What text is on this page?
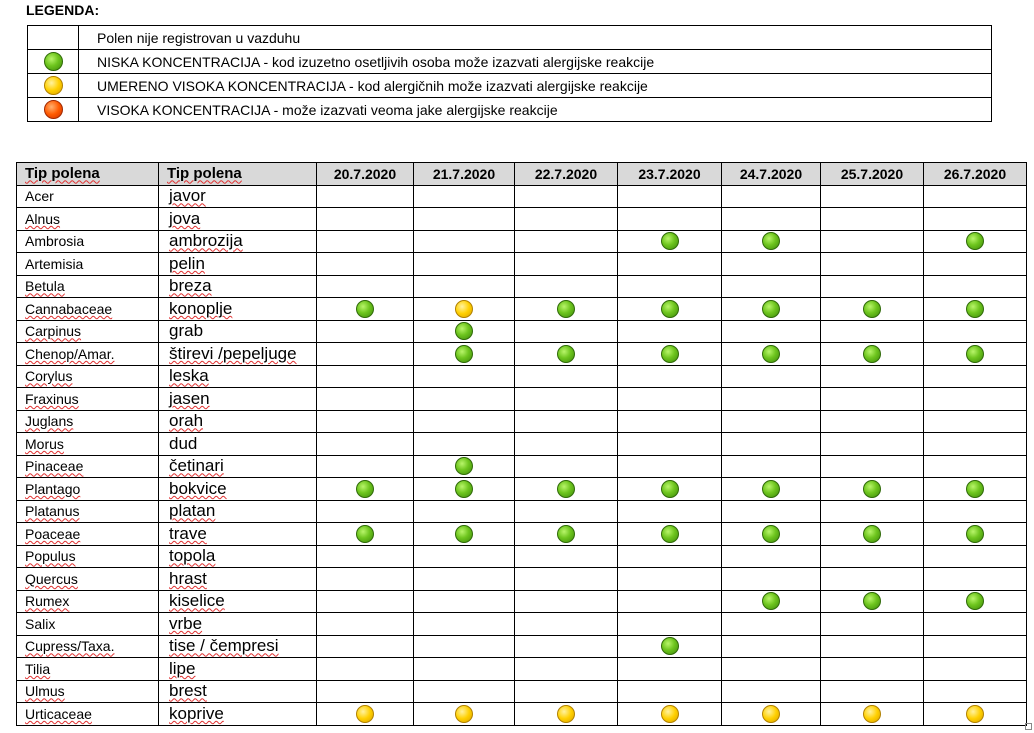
LEGENDA:
	Polen nije registrovan u vazduhu
	NISKA KONCENTRACIJA - kod izuzetno osetljivih osoba može izazvati alergijske reakcije
	UMERENO VISOKA KONCENTRACIJA - kod alergičnih može izazvati alergijske reakcije
	VISOKA KONCENTRACIJA - može izazvati veoma jake alergijske reakcije
Tip polena	Tip polena	20.7.2020	21.7.2020	22.7.2020	23.7.2020	24.7.2020	25.7.2020	26.7.2020
Acer	javor							
Alnus	jova							
Ambrosia	ambrozija							
Artemisia	pelin							
Betula	breza							
Cannabaceae	konoplje							
Carpinus	grab							
Chenop/Amar.	štirevi /pepeljuge							
Corylus	leska							
Fraxinus	jasen							
Juglans	orah							
Morus	dud							
Pinaceae	četinari							
Plantago	bokvice							
Platanus	platan							
Poaceae	trave							
Populus	topola							
Quercus	hrast							
Rumex	kiselice							
Salix	vrbe							
Cupress/Taxa.	tise / čempresi							
Tilia	lipe							
Ulmus	brest							
Urticaceae	koprive							
